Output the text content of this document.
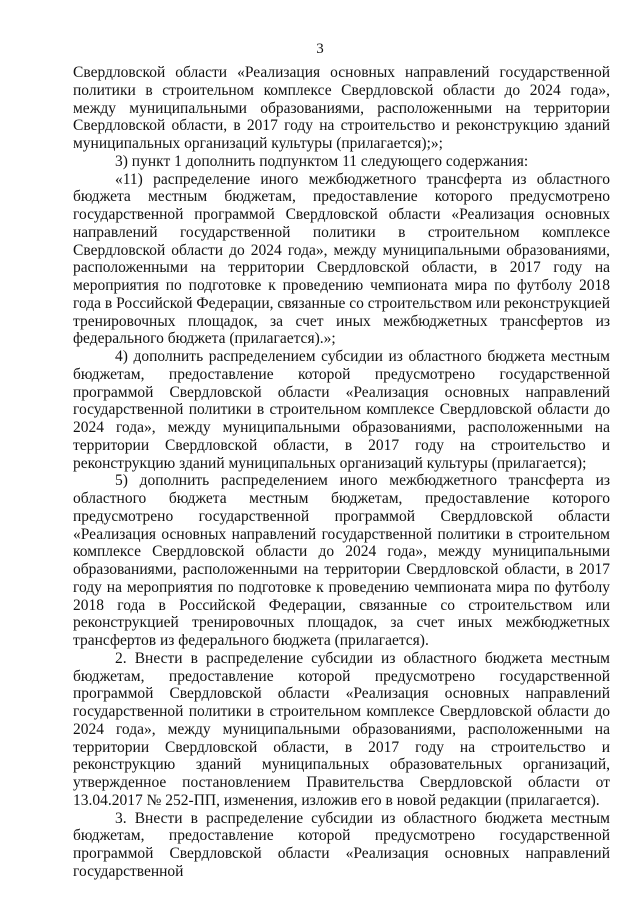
3

Свердловской области «Реализация основных направлений государственной политики в строительном комплексе Свердловской области до 2024 года», между муниципальными образованиями, расположенными на территории Свердловской области, в 2017 году на строительство и реконструкцию зданий муниципальных организаций культуры (прилагается);»;

3) пункт 1 дополнить подпунктом 11 следующего содержания:

«11) распределение иного межбюджетного трансферта из областного бюджета местным бюджетам, предоставление которого предусмотрено государственной программой Свердловской области «Реализация основных направлений государственной политики в строительном комплексе Свердловской области до 2024 года», между муниципальными образованиями, расположенными на территории Свердловской области, в 2017 году на мероприятия по подготовке к проведению чемпионата мира по футболу 2018 года в Российской Федерации, связанные со строительством или реконструкцией тренировочных площадок, за счет иных межбюджетных трансфертов из федерального бюджета (прилагается).»;

4) дополнить распределением субсидии из областного бюджета местным бюджетам, предоставление которой предусмотрено государственной программой Свердловской области «Реализация основных направлений государственной политики в строительном комплексе Свердловской области до 2024 года», между муниципальными образованиями, расположенными на территории Свердловской области, в 2017 году на строительство и реконструкцию зданий муниципальных организаций культуры (прилагается);

5) дополнить распределением иного межбюджетного трансферта из областного бюджета местным бюджетам, предоставление которого предусмотрено государственной программой Свердловской области «Реализация основных направлений государственной политики в строительном комплексе Свердловской области до 2024 года», между муниципальными образованиями, расположенными на территории Свердловской области, в 2017 году на мероприятия по подготовке к проведению чемпионата мира по футболу 2018 года в Российской Федерации, связанные со строительством или реконструкцией тренировочных площадок, за счет иных межбюджетных трансфертов из федерального бюджета (прилагается).

2. Внести в распределение субсидии из областного бюджета местным бюджетам, предоставление которой предусмотрено государственной программой Свердловской области «Реализация основных направлений государственной политики в строительном комплексе Свердловской области до 2024 года», между муниципальными образованиями, расположенными на территории Свердловской области, в 2017 году на строительство и реконструкцию зданий муниципальных образовательных организаций, утвержденное постановлением Правительства Свердловской области от 13.04.2017 № 252-ПП, изменения, изложив его в новой редакции (прилагается).

3. Внести в распределение субсидии из областного бюджета местным бюджетам, предоставление которой предусмотрено государственной программой Свердловской области «Реализация основных направлений государственной
